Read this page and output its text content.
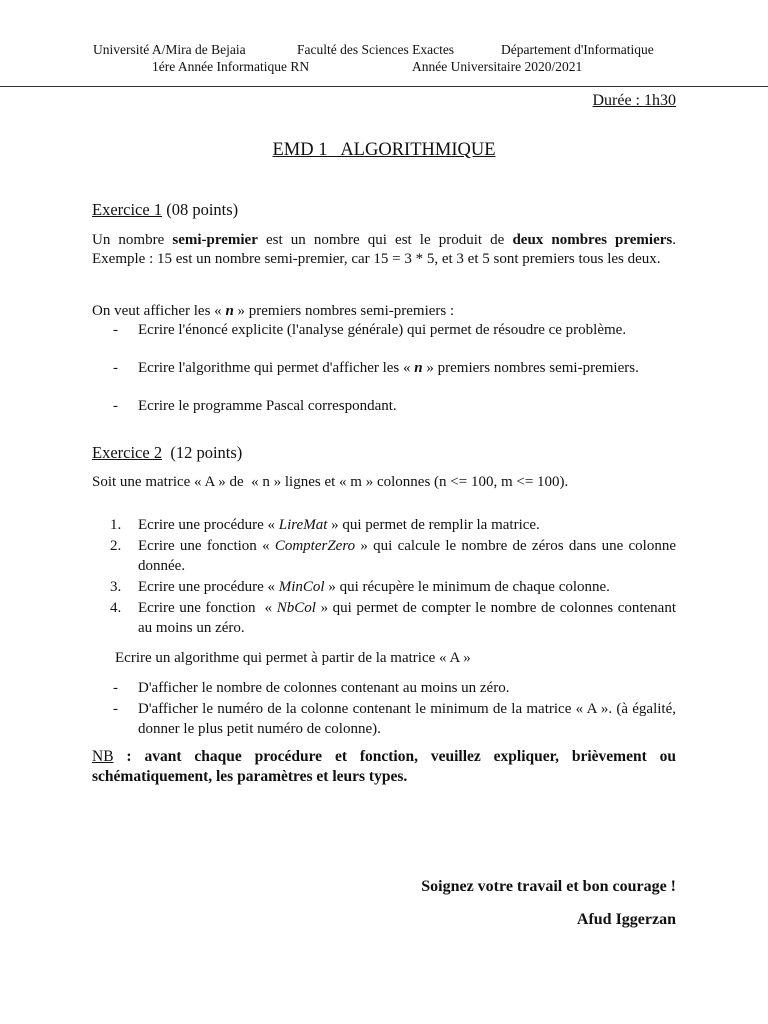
Université A/Mira de Bejaia	Faculté des Sciences Exactes	Département d'Informatique
1ére Année Informatique RN	Année Universitaire 2020/2021
Durée : 1h30
EMD 1   ALGORITHMIQUE
Exercice 1 (08 points)
Un nombre semi-premier est un nombre qui est le produit de deux nombres premiers. Exemple : 15 est un nombre semi-premier, car 15 = 3 * 5, et 3 et 5 sont premiers tous les deux.
On veut afficher les « n » premiers nombres semi-premiers :
- Ecrire l'énoncé explicite (l'analyse générale) qui permet de résoudre ce problème.
- Ecrire l'algorithme qui permet d'afficher les « n » premiers nombres semi-premiers.
- Ecrire le programme Pascal correspondant.
Exercice 2  (12 points)
Soit une matrice « A » de  « n » lignes et « m » colonnes (n <= 100, m <= 100).
1. Ecrire une procédure « LireMat » qui permet de remplir la matrice.
2. Ecrire une fonction « CompterZero » qui calcule le nombre de zéros dans une colonne donnée.
3. Ecrire une procédure « MinCol » qui récupère le minimum de chaque colonne.
4. Ecrire une fonction  « NbCol » qui permet de compter le nombre de colonnes contenant au moins un zéro.
Ecrire un algorithme qui permet à partir de la matrice « A »
- D'afficher le nombre de colonnes contenant au moins un zéro.
- D'afficher le numéro de la colonne contenant le minimum de la matrice « A ». (à égalité, donner le plus petit numéro de colonne).
NB : avant chaque procédure et fonction, veuillez expliquer, brièvement ou schématiquement, les paramètres et leurs types.
Soignez votre travail et bon courage !
Afud Iggerzan
